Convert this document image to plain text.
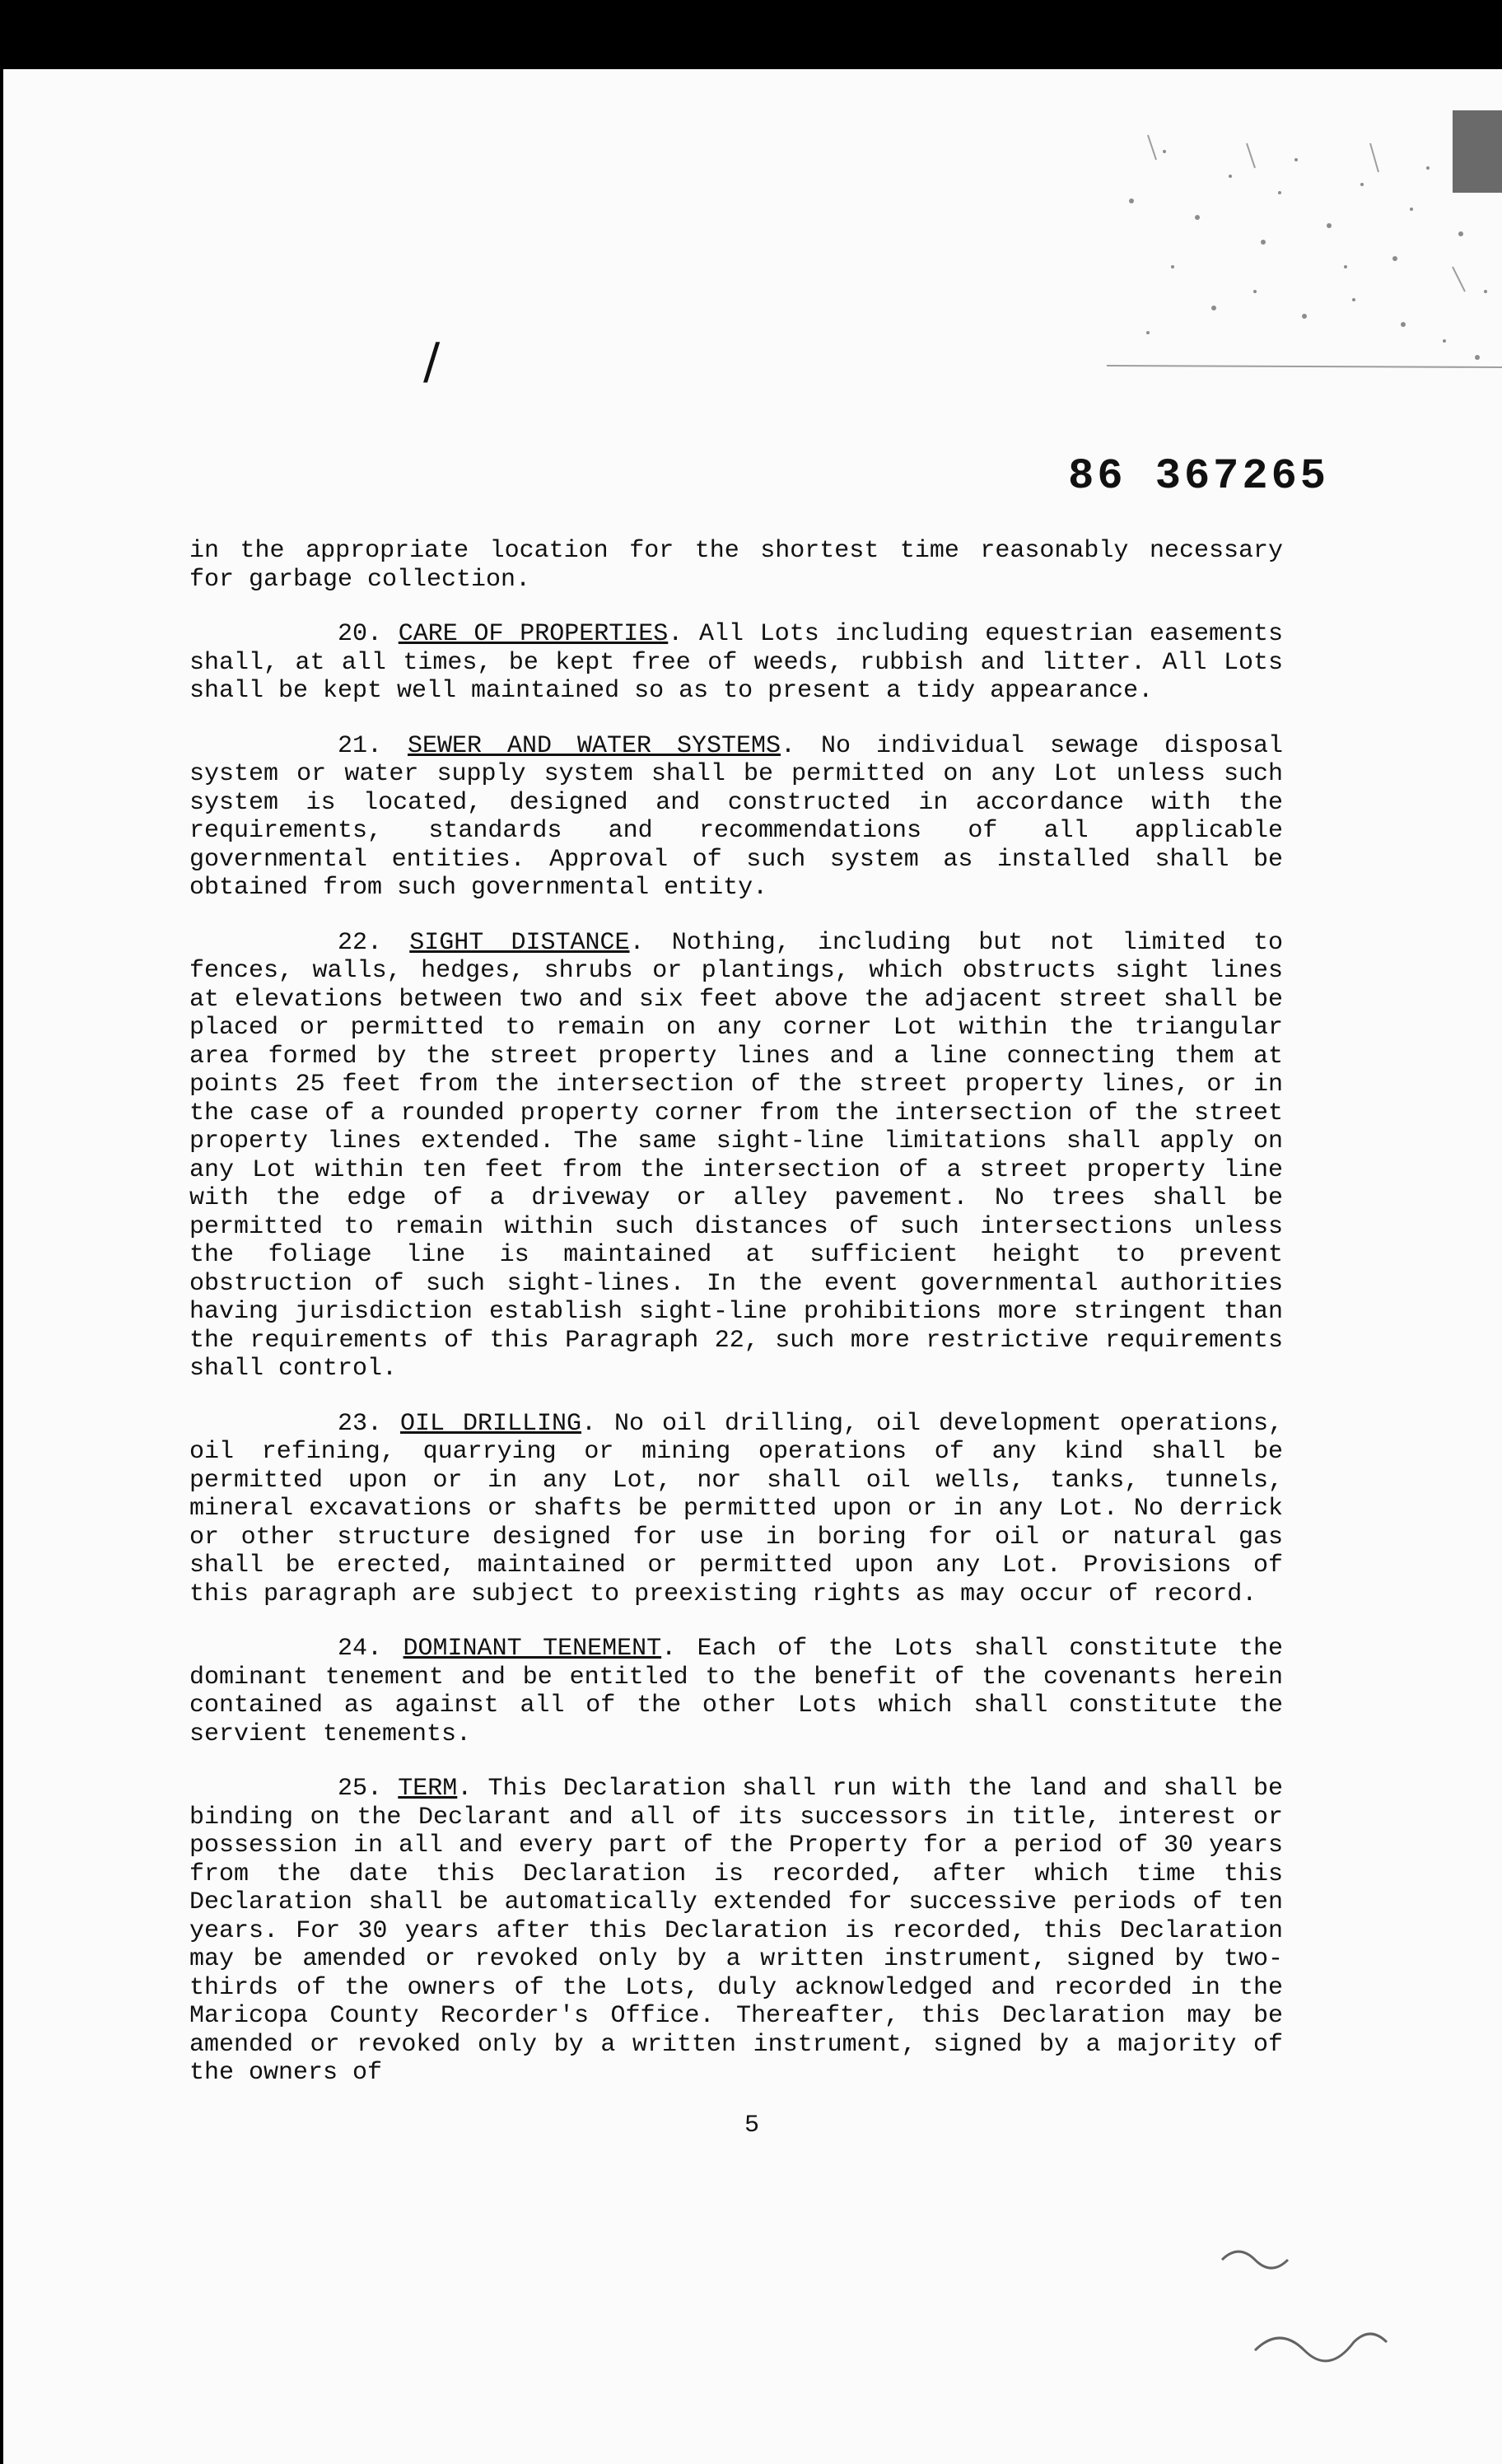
/
86 367265

in the appropriate location for the shortest time reasonably necessary for garbage collection.

20. CARE OF PROPERTIES. All Lots including equestrian easements shall, at all times, be kept free of weeds, rubbish and litter. All Lots shall be kept well maintained so as to present a tidy appearance.

21. SEWER AND WATER SYSTEMS. No individual sewage disposal system or water supply system shall be permitted on any Lot unless such system is located, designed and constructed in accordance with the requirements, standards and recommendations of all applicable governmental entities. Approval of such system as installed shall be obtained from such governmental entity.

22. SIGHT DISTANCE. Nothing, including but not limited to fences, walls, hedges, shrubs or plantings, which obstructs sight lines at elevations between two and six feet above the adjacent street shall be placed or permitted to remain on any corner Lot within the triangular area formed by the street property lines and a line connecting them at points 25 feet from the intersection of the street property lines, or in the case of a rounded property corner from the intersection of the street property lines extended. The same sight-line limitations shall apply on any Lot within ten feet from the intersection of a street property line with the edge of a driveway or alley pavement. No trees shall be permitted to remain within such distances of such intersections unless the foliage line is maintained at sufficient height to prevent obstruction of such sight-lines. In the event governmental authorities having jurisdiction establish sight-line prohibitions more stringent than the requirements of this Paragraph 22, such more restrictive requirements shall control.

23. OIL DRILLING. No oil drilling, oil development operations, oil refining, quarrying or mining operations of any kind shall be permitted upon or in any Lot, nor shall oil wells, tanks, tunnels, mineral excavations or shafts be permitted upon or in any Lot. No derrick or other structure designed for use in boring for oil or natural gas shall be erected, maintained or permitted upon any Lot. Provisions of this paragraph are subject to preexisting rights as may occur of record.

24. DOMINANT TENEMENT. Each of the Lots shall constitute the dominant tenement and be entitled to the benefit of the covenants herein contained as against all of the other Lots which shall constitute the servient tenements.

25. TERM. This Declaration shall run with the land and shall be binding on the Declarant and all of its successors in title, interest or possession in all and every part of the Property for a period of 30 years from the date this Declaration is recorded, after which time this Declaration shall be automatically extended for successive periods of ten years. For 30 years after this Declaration is recorded, this Declaration may be amended or revoked only by a written instrument, signed by two-thirds of the owners of the Lots, duly acknowledged and recorded in the Maricopa County Recorder's Office. Thereafter, this Declaration may be amended or revoked only by a written instrument, signed by a majority of the owners of

5
